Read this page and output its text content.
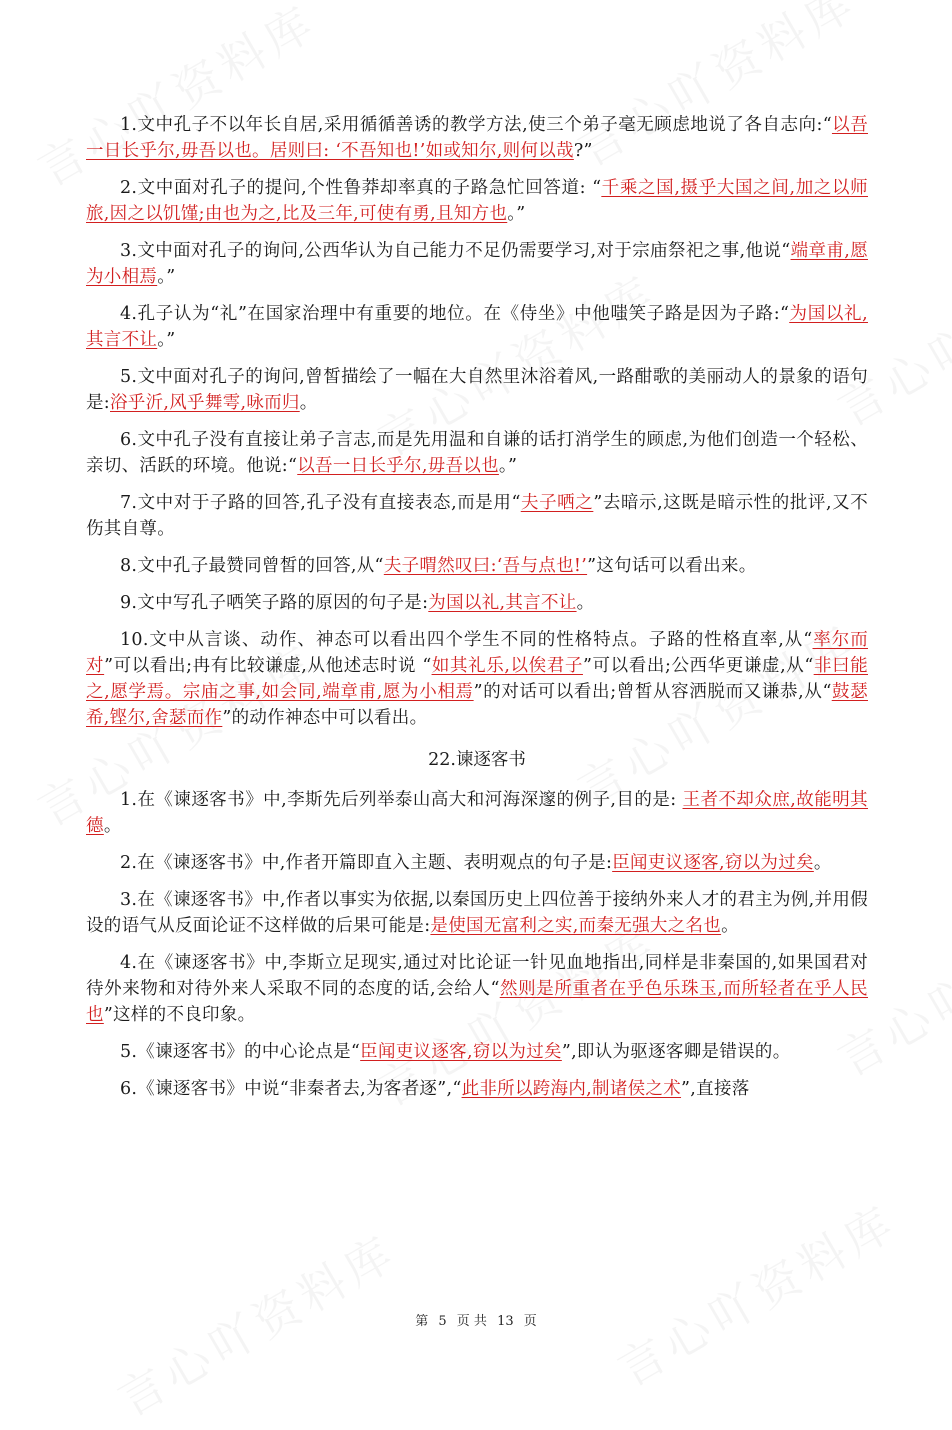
1.文中孔子不以年长自居,采用循循善诱的教学方法,使三个弟子毫无顾虑地说了各自志向:“以吾一日长乎尔,毋吾以也。居则曰: ‘不吾知也!’如或知尔,则何以哉?”

2.文中面对孔子的提问,个性鲁莽却率真的子路急忙回答道: “千乘之国,摄乎大国之间,加之以师旅,因之以饥馑;由也为之,比及三年,可使有勇,且知方也。”

3.文中面对孔子的询问,公西华认为自己能力不足仍需要学习,对于宗庙祭祀之事,他说“端章甫,愿为小相焉。”

4.孔子认为“礼”在国家治理中有重要的地位。在《侍坐》中他嗤笑子路是因为子路:“为国以礼,其言不让。”

5.文中面对孔子的询问,曾皙描绘了一幅在大自然里沐浴着风,一路酣歌的美丽动人的景象的语句是:浴乎沂,风乎舞雩,咏而归。

6.文中孔子没有直接让弟子言志,而是先用温和自谦的话打消学生的顾虑,为他们创造一个轻松、亲切、活跃的环境。他说:“以吾一日长乎尔,毋吾以也。”

7.文中对于子路的回答,孔子没有直接表态,而是用“夫子哂之”去暗示,这既是暗示性的批评,又不伤其自尊。

8.文中孔子最赞同曾皙的回答,从“夫子喟然叹曰:‘吾与点也!’”这句话可以看出来。

9.文中写孔子哂笑子路的原因的句子是:为国以礼,其言不让。

10.文中从言谈、动作、神态可以看出四个学生不同的性格特点。子路的性格直率,从“率尔而对”可以看出;冉有比较谦虚,从他述志时说 “如其礼乐,以俟君子”可以看出;公西华更谦虚,从“非曰能之,愿学焉。宗庙之事,如会同,端章甫,愿为小相焉”的对话可以看出;曾皙从容洒脱而又谦恭,从“鼓瑟希,铿尔,舍瑟而作”的动作神态中可以看出。

22.谏逐客书

1.在《谏逐客书》中,李斯先后列举泰山高大和河海深邃的例子,目的是: 王者不却众庶,故能明其德。

2.在《谏逐客书》中,作者开篇即直入主题、表明观点的句子是:臣闻吏议逐客,窃以为过矣。

3.在《谏逐客书》中,作者以事实为依据,以秦国历史上四位善于接纳外来人才的君主为例,并用假设的语气从反面论证不这样做的后果可能是:是使国无富利之实,而秦无强大之名也。

4.在《谏逐客书》中,李斯立足现实,通过对比论证一针见血地指出,同样是非秦国的,如果国君对待外来物和对待外来人采取不同的态度的话,会给人“然则是所重者在乎色乐珠玉,而所轻者在乎人民也”这样的不良印象。

5.《谏逐客书》的中心论点是“臣闻吏议逐客,窃以为过矣”,即认为驱逐客卿是错误的。

6.《谏逐客书》中说“非秦者去,为客者逐”,“此非所以跨海内,制诸侯之术”,直接落

第 5 页 共 13 页
